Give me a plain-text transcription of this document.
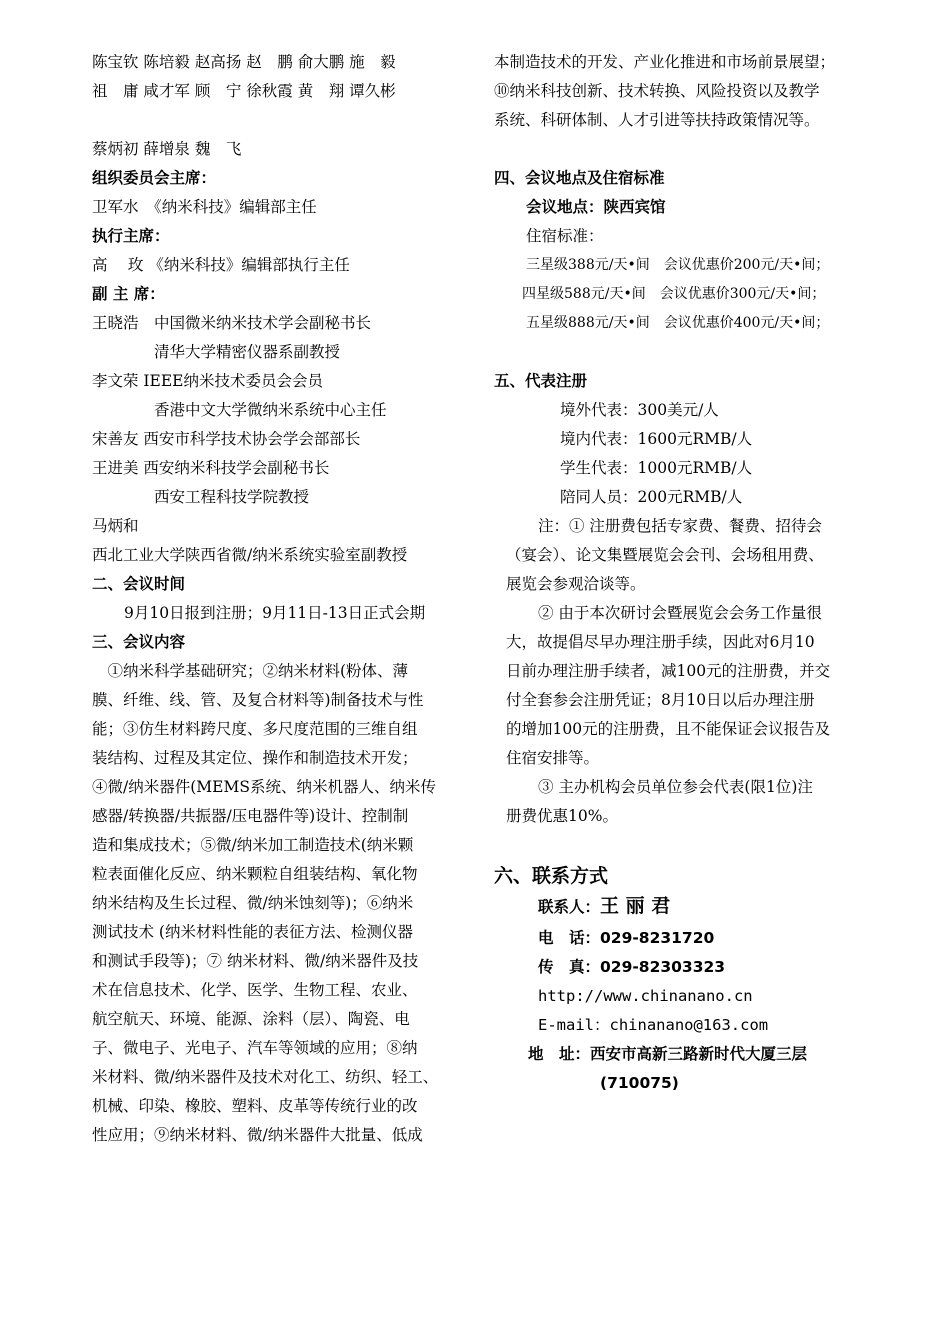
陈宝钦 陈培毅 赵高扬 赵　鹏 俞大鹏 施　毅
祖　庸 咸才军 顾　宁 徐秋霞 黄　翔 谭久彬
蔡炳初 薛增泉 魏　飞
组织委员会主席：
卫军水　《纳米科技》编辑部主任
执行主席：
高　 玫 《纳米科技》编辑部执行主任
副 主 席：
王晓浩　中国微米纳米技术学会副秘书长
　　　　清华大学精密仪器系副教授
李文荣 IEEE纳米技术委员会会员
　　　　香港中文大学微纳米系统中心主任
宋善友 西安市科学技术协会学会部部长
王进美 西安纳米科技学会副秘书长
　　　　西安工程科技学院教授
马炳和
西北工业大学陕西省微/纳米系统实验室副教授
二、会议时间
9月10日报到注册；9月11日-13日正式会期
三、会议内容
　①纳米科学基础研究；②纳米材料(粉体、薄
膜、纤维、线、管、及复合材料等)制备技术与性
能；③仿生材料跨尺度、多尺度范围的三维自组
装结构、过程及其定位、操作和制造技术开发；
④微/纳米器件(MEMS系统、纳米机器人、纳米传
感器/转换器/共振器/压电器件等)设计、控制制
造和集成技术；⑤微/纳米加工制造技术(纳米颗
粒表面催化反应、纳米颗粒自组装结构、氧化物
纳米结构及生长过程、微/纳米蚀刻等)；⑥纳米
测试技术 (纳米材料性能的表征方法、检测仪器
和测试手段等)；⑦ 纳米材料、微/纳米器件及技
术在信息技术、化学、医学、生物工程、农业、
航空航天、环境、能源、涂料（层）、陶瓷、电
子、微电子、光电子、汽车等领域的应用；⑧纳
米材料、微/纳米器件及技术对化工、纺织、轻工、
机械、印染、橡胶、塑料、皮革等传统行业的改
性应用；⑨纳米材料、微/纳米器件大批量、低成
本制造技术的开发、产业化推进和市场前景展望；
⑩纳米科技创新、技术转换、风险投资以及教学
系统、科研体制、人才引进等扶持政策情况等。
四、会议地点及住宿标准
会议地点：陕西宾馆
住宿标准：
三星级388元/天•间　会议优惠价200元/天•间；
四星级588元/天•间　会议优惠价300元/天•间；
五星级888元/天•间　会议优惠价400元/天•间；
五、代表注册
境外代表：300美元/人
境内代表：1600元RMB/人
学生代表：1000元RMB/人
陪同人员：200元RMB/人
注：① 注册费包括专家费、餐费、招待会
（宴会）、论文集暨展览会会刊、会场租用费、
展览会参观洽谈等。
② 由于本次研讨会暨展览会会务工作量很
大，故提倡尽早办理注册手续，因此对6月10
日前办理注册手续者，减100元的注册费，并交
付全套参会注册凭证；8月10日以后办理注册
的增加100元的注册费，且不能保证会议报告及
住宿安排等。
③ 主办机构会员单位参会代表(限1位)注
册费优惠10%。
六、联系方式
联系人：王 丽 君
电　话：029-8231720
传　真：029-82303323
http://www.chinanano.cn
E-mail：chinanano@163.com
地　址：西安市高新三路新时代大厦三层
(710075)
